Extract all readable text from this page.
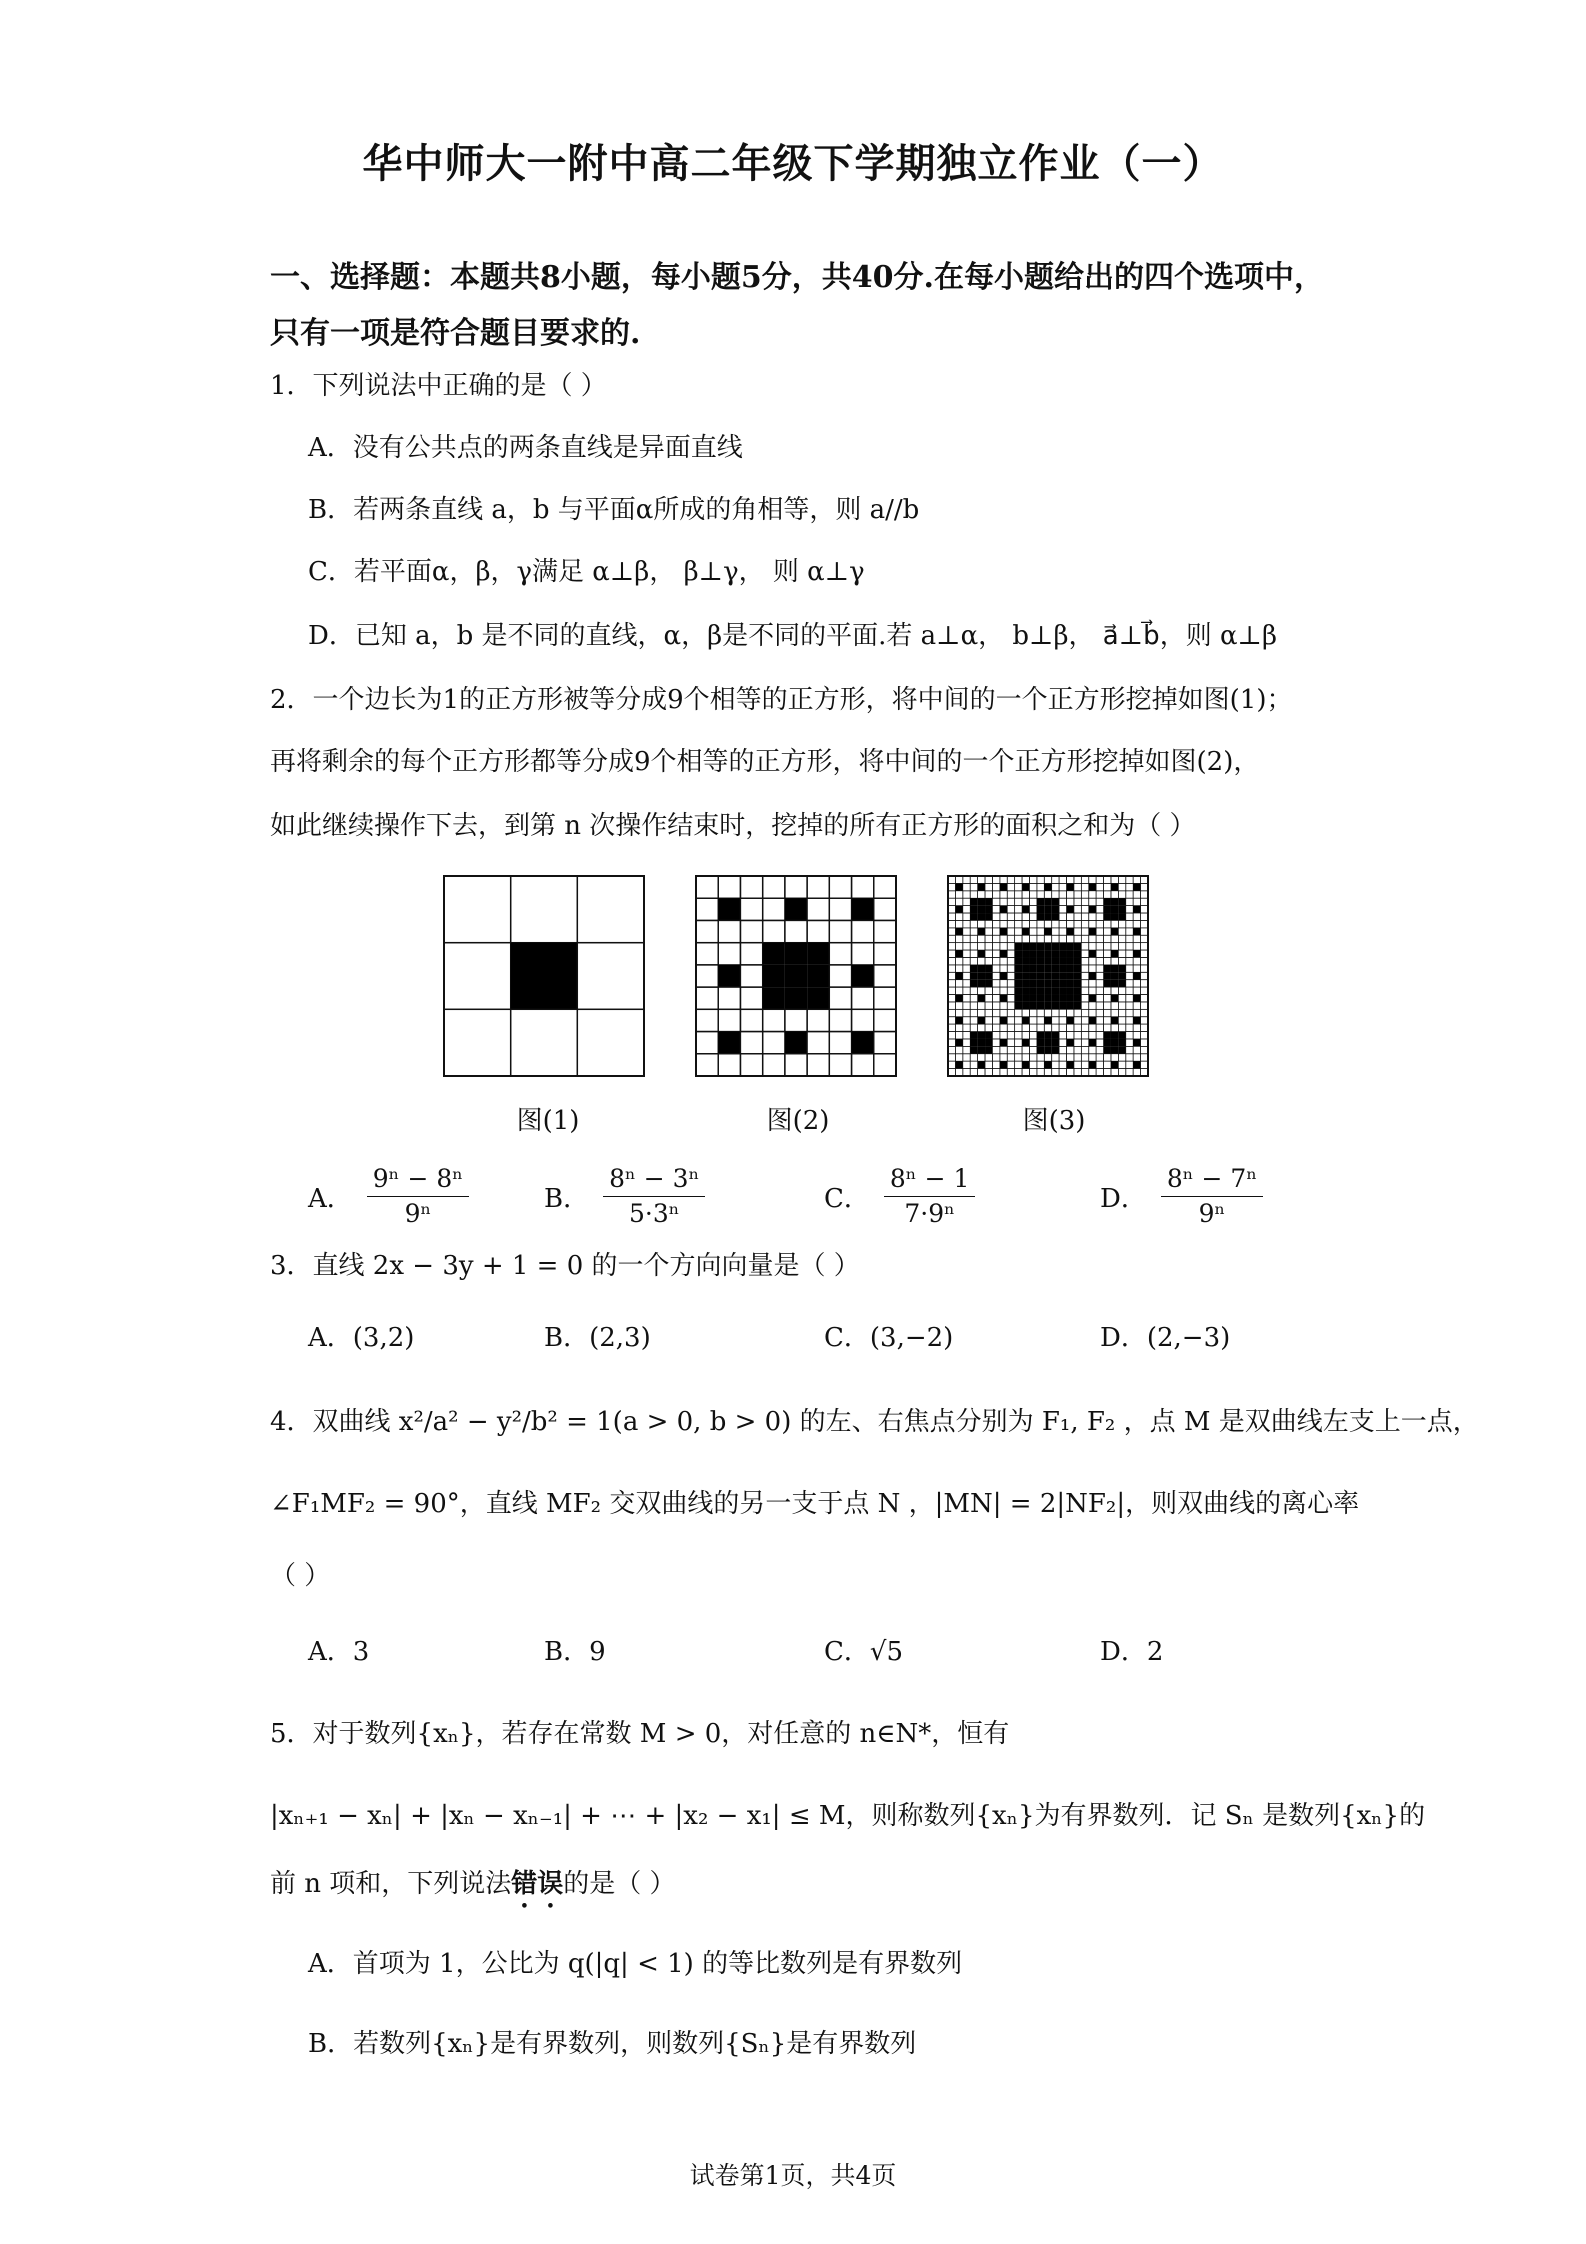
华中师大一附中高二年级下学期独立作业（一）
一、选择题：本题共8小题，每小题5分，共40分.在每小题给出的四个选项中，只有一项是符合题目要求的.
1．下列说法中正确的是（ ）
A．没有公共点的两条直线是异面直线
B．若两条直线 a，b 与平面α所成的角相等，则 a//b
C．若平面α，β，γ满足 α⊥β， β⊥γ， 则 α⊥γ
D．已知 a，b 是不同的直线，α，β是不同的平面.若 a⊥α， b⊥β， a⃗⊥b⃗，则 α⊥β
2．一个边长为1的正方形被等分成9个相等的正方形，将中间的一个正方形挖掉如图(1)；
再将剩余的每个正方形都等分成9个相等的正方形，将中间的一个正方形挖掉如图(2)，
如此继续操作下去，到第 n 次操作结束时，挖掉的所有正方形的面积之和为（ ）
图(1)	图(2)	图(3)
A． $\frac{\text{9ⁿ − 8ⁿ}}{\text{9ⁿ}}$	B． $\frac{\text{8ⁿ − 3ⁿ}}{\text{5·3ⁿ}}$	C． $\frac{\text{8ⁿ − 1}}{\text{7·9ⁿ}}$	D． $\frac{\text{8ⁿ − 7ⁿ}}{\text{9ⁿ}}$
3．直线 2x − 3y + 1 = 0 的一个方向向量是（ ）
A．(3,2)	B．(2,3)	C．(3,−2)	D．(2,−3)
4．双曲线 x²/a² − y²/b² = 1(a > 0, b > 0) 的左、右焦点分别为 F₁, F₂ ，点 M 是双曲线左支上一点，
∠F₁MF₂ = 90°，直线 MF₂ 交双曲线的另一支于点 N ，|MN| = 2|NF₂|，则双曲线的离心率
（ ）
A．3	B．9	C．√5	D．2
5．对于数列{xₙ}，若存在常数 M > 0，对任意的 n∈N*，恒有
|xₙ₊₁ − xₙ| + |xₙ − xₙ₋₁| + ⋯ + |x₂ − x₁| ≤ M，则称数列{xₙ}为有界数列．记 Sₙ 是数列{xₙ}的
前 n 项和，下列说法错误的是（ ）
A．首项为 1，公比为 q(|q| < 1) 的等比数列是有界数列
B．若数列{xₙ}是有界数列，则数列{Sₙ}是有界数列
试卷第1页，共4页
